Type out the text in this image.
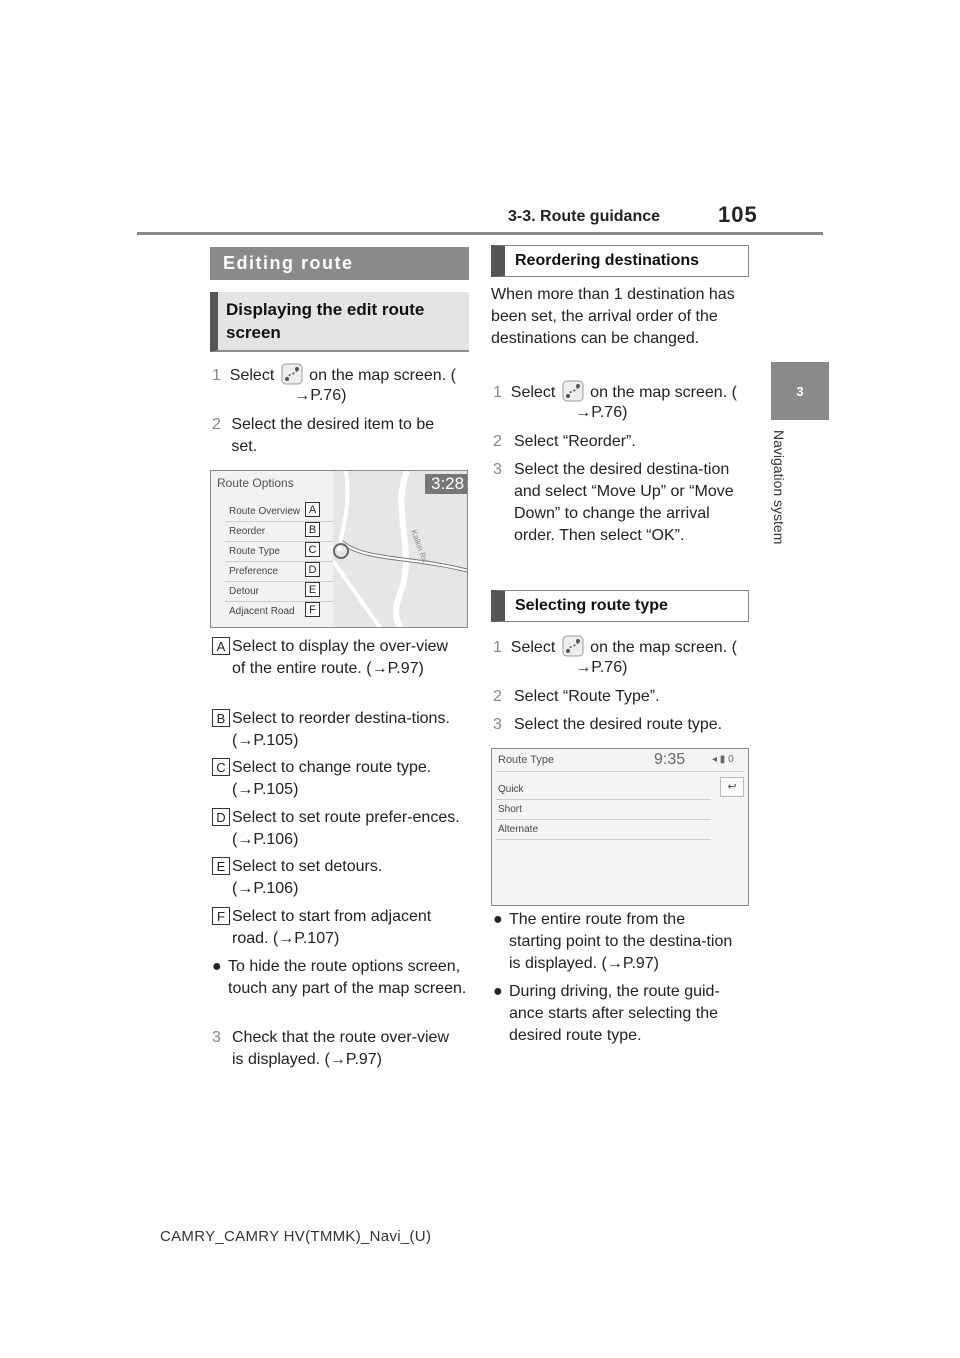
3-3. Route guidance	105
3
Navigation system
Editing route
Displaying the edit route screen
1 Select on the map screen. (

→P.76)
2 Select the desired item to be set.
Kalkin Rd
Route Options	3:28
Route Overview
Reorder
Route Type
Preference
Detour
Adjacent Road
A
B
C
D
E
F
A Select to display the over-view of the entire route. (→P.97)
B Select to reorder destina-tions. (→P.105)
C Select to change route type. (→P.105)
D Select to set route prefer-ences. (→P.106)
E Select to set detours. (→P.106)
F Select to start from adjacent road. (→P.107)
● To hide the route options screen, touch any part of the map screen.
3 Check that the route over-view is displayed. (→P.97)
Reordering destinations
When more than 1 destination has been set, the arrival order of the destinations can be changed.
1 Select on the map screen. (
→P.76)
2 Select “Reorder”.
3 Select the desired destina-tion and select “Move Up” or “Move Down” to change the arrival order. Then select “OK”.
Selecting route type
1 Select on the map screen. (
→P.76)
2 Select “Route Type”.
3 Select the desired route type.
Route Type	9:35	◂ ▮ 0
↩
Quick
Short
Alternate
● The entire route from the starting point to the destina-tion is displayed. (→P.97)
● During driving, the route guid-ance starts after selecting the desired route type.
CAMRY_CAMRY HV(TMMK)_Navi_(U)
